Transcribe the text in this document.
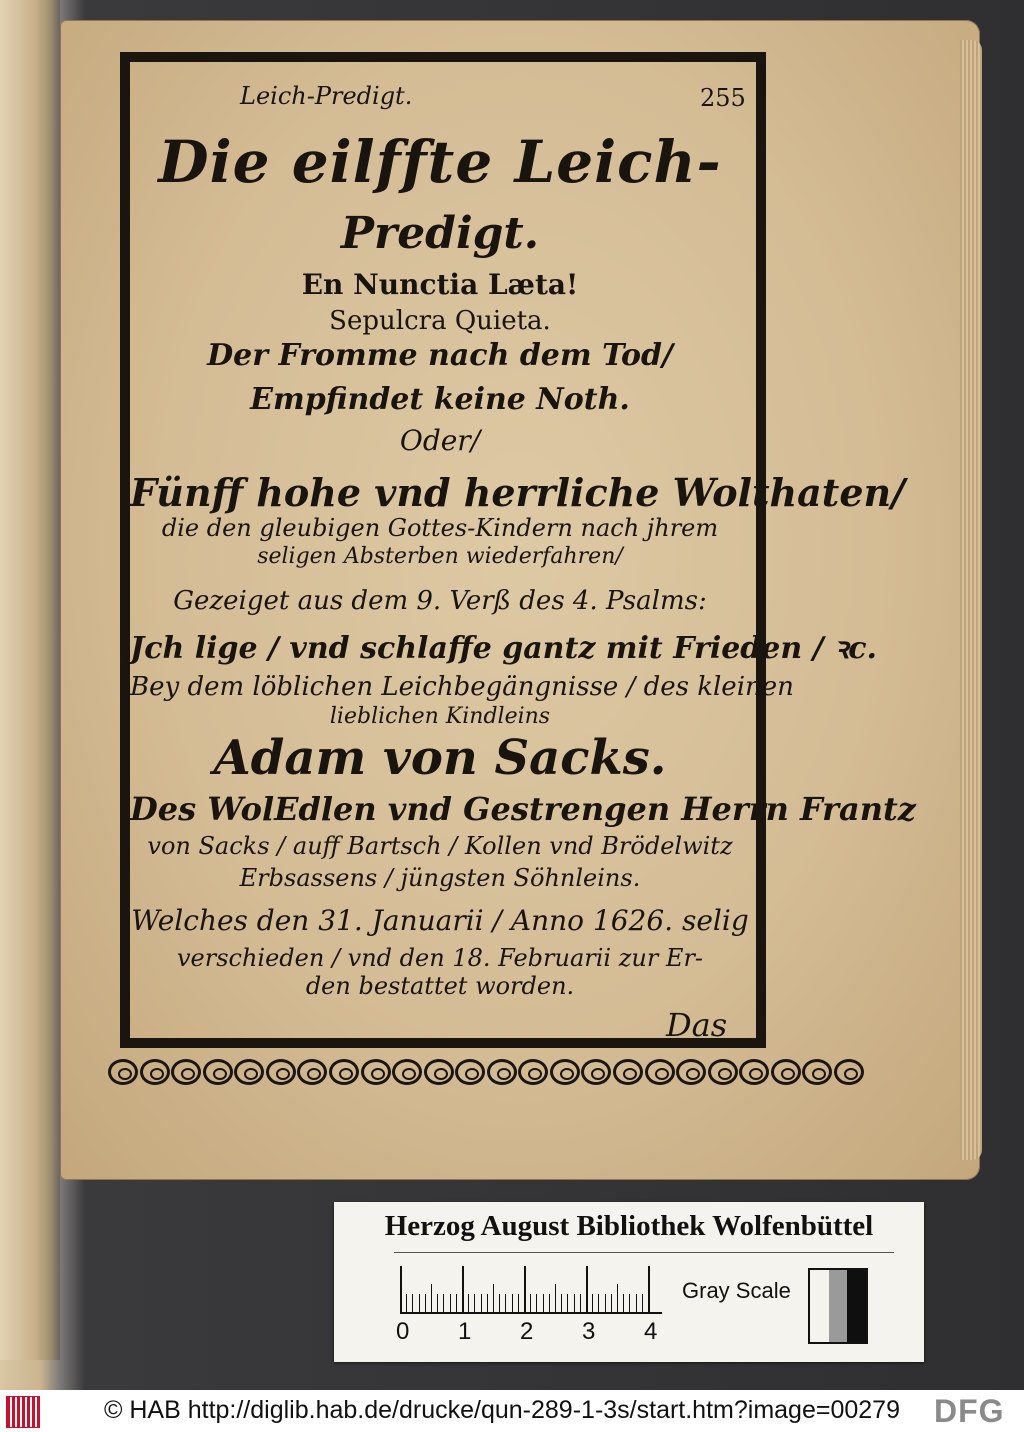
Leich-Predigt.	255
Die eilffte Leich-
Predigt.
En Nunctia Læta!
Sepulcra Quieta.
Der Fromme nach dem Tod/
Empfindet keine Noth.
Oder/
Fünff hohe vnd herrliche Wolthaten/
die den gleubigen Gottes-Kindern nach jhrem
seligen Absterben wiederfahren/
Gezeiget aus dem 9. Verß des 4. Psalms:
Jch lige / vnd schlaffe gantz mit Frieden / ꝛc.
Bey dem löblichen Leichbegängnisse / des kleinen
lieblichen Kindleins
Adam von Sacks.
Des WolEdlen vnd Gestrengen Herrn Frantz
von Sacks / auff Bartsch / Kollen vnd Brödelwitz
Erbsassens / jüngsten Söhnleins.
Welches den 31. Januarii / Anno 1626. selig
verschieden / vnd den 18. Februarii zur Er-
den bestattet worden.
Das
Herzog August Bibliothek Wolfenbüttel
0 1 2 3 4
Gray Scale
© HAB http://diglib.hab.de/drucke/qun-289-1-3s/start.htm?image=00279 DFG
